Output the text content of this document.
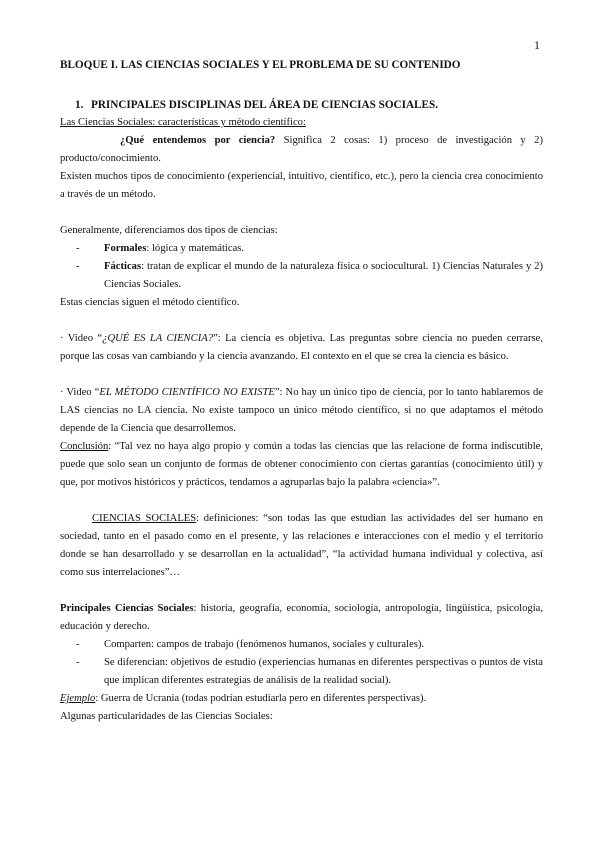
1
BLOQUE I. LAS CIENCIAS SOCIALES Y EL PROBLEMA DE SU CONTENIDO
1. PRINCIPALES DISCIPLINAS DEL ÁREA DE CIENCIAS SOCIALES.

Las Ciencias Sociales: características y método científico:

¿Qué entendemos por ciencia? Significa 2 cosas: 1) proceso de investigación y 2) producto/conocimiento.

Existen muchos tipos de conocimiento (experiencial, intuitivo, científico, etc.), pero la ciencia crea conocimiento a través de un método.

Generalmente, diferenciamos dos tipos de ciencias:

- Formales: lógica y matemáticas.
- Fácticas: tratan de explicar el mundo de la naturaleza física o sociocultural. 1) Ciencias Naturales y 2) Ciencias Sociales.

Estas ciencias siguen el método científico.

· Video “¿QUÉ ES LA CIENCIA?”: La ciencia es objetiva. Las preguntas sobre ciencia no pueden cerrarse, porque las cosas van cambiando y la ciencia avanzando. El contexto en el que se crea la ciencia es básico.

· Video “EL MÉTODO CIENTÍFICO NO EXISTE”: No hay un único tipo de ciencia, por lo tanto hablaremos de LAS ciencias no LA ciencia. No existe tampoco un único método científico, si no que adaptamos el método depende de la Ciencia que desarrollemos.

Conclusión: “Tal vez no haya algo propio y común a todas las ciencias que las relacione de forma indiscutible, puede que solo sean un conjunto de formas de obtener conocimiento con ciertas garantías (conocimiento útil) y que, por motivos históricos y prácticos, tendamos a agruparlas bajo la palabra «ciencia»”.

CIENCIAS SOCIALES: definiciones: “son todas las que estudian las actividades del ser humano en sociedad, tanto en el pasado como en el presente, y las relaciones e interacciones con el medio y el territorio donde se han desarrollado y se desarrollan en la actualidad”, “la actividad humana individual y colectiva, así como sus interrelaciones”…

Principales Ciencias Sociales: historia, geografía, economía, sociología, antropología, lingüística, psicología, educación y derecho.

- Comparten: campos de trabajo (fenómenos humanos, sociales y culturales).
- Se diferencian: objetivos de estudio (experiencias humanas en diferentes perspectivas o puntos de vista que implican diferentes estrategias de análisis de la realidad social).

Ejemplo: Guerra de Ucrania (todas podrían estudiarla pero en diferentes perspectivas).

Algunas particularidades de las Ciencias Sociales:
